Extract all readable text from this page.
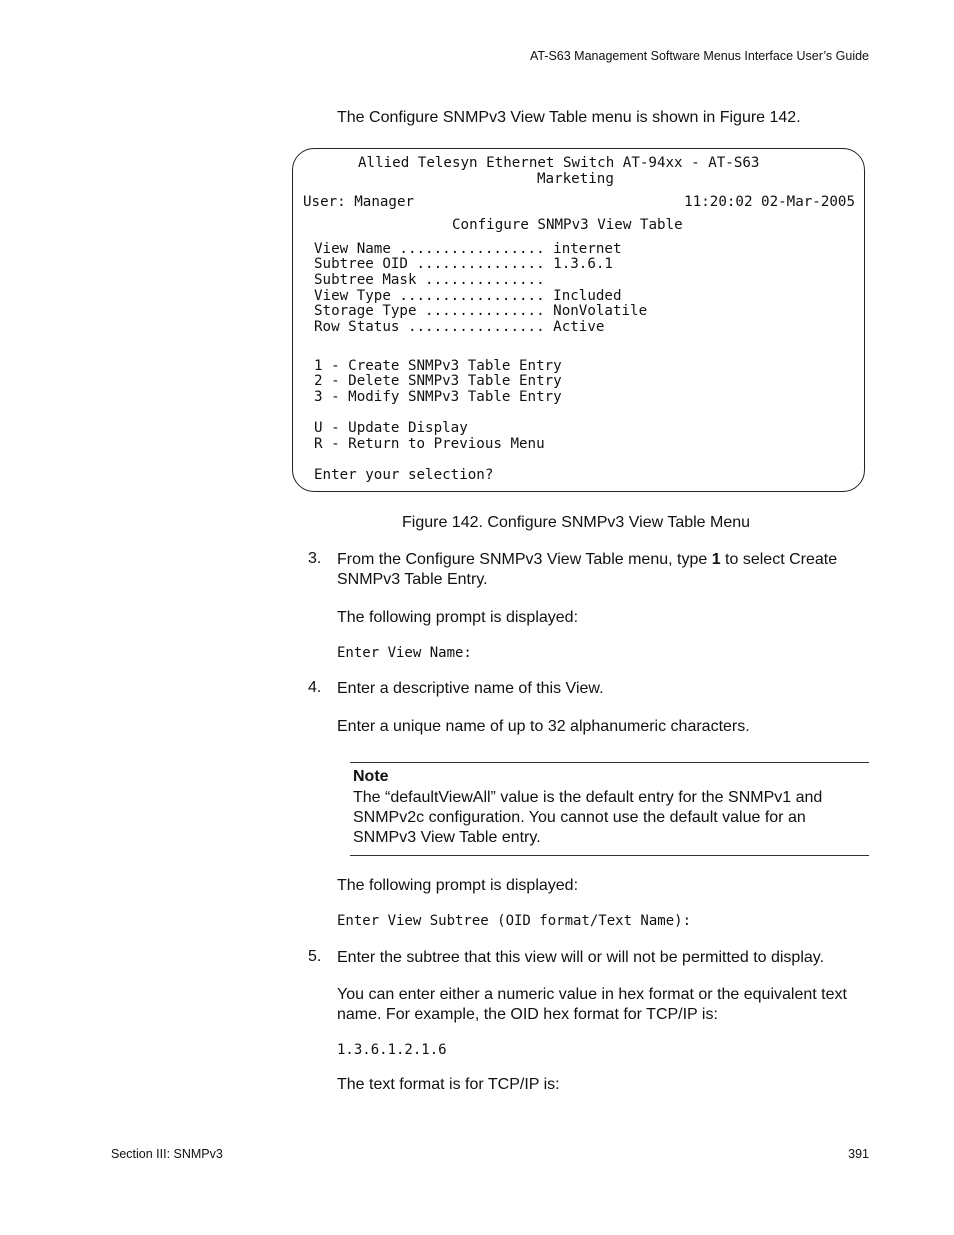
AT-S63 Management Software Menus Interface User’s Guide
The Configure SNMPv3 View Table menu is shown in Figure 142.
Allied Telesyn Ethernet Switch AT-94xx - AT-S63
Marketing
User: Manager	11:20:02 02-Mar-2005
Configure SNMPv3 View Table
View Name ................. internet
Subtree OID ............... 1.3.6.1
Subtree Mask ..............
View Type ................. Included
Storage Type .............. NonVolatile
Row Status ................ Active
1 - Create SNMPv3 Table Entry
2 - Delete SNMPv3 Table Entry
3 - Modify SNMPv3 Table Entry
U - Update Display
R - Return to Previous Menu
Enter your selection?
Figure 142. Configure SNMPv3 View Table Menu
3. From the Configure SNMPv3 View Table menu, type 1 to select Create SNMPv3 Table Entry.
The following prompt is displayed:
Enter View Name:
4. Enter a descriptive name of this View.
Enter a unique name of up to 32 alphanumeric characters.
Note
The “defaultViewAll” value is the default entry for the SNMPv1 and SNMPv2c configuration. You cannot use the default value for an SNMPv3 View Table entry.
The following prompt is displayed:
Enter View Subtree (OID format/Text Name):
5. Enter the subtree that this view will or will not be permitted to display.
You can enter either a numeric value in hex format or the equivalent text name. For example, the OID hex format for TCP/IP is:
1.3.6.1.2.1.6
The text format is for TCP/IP is:
Section III: SNMPv3	391
